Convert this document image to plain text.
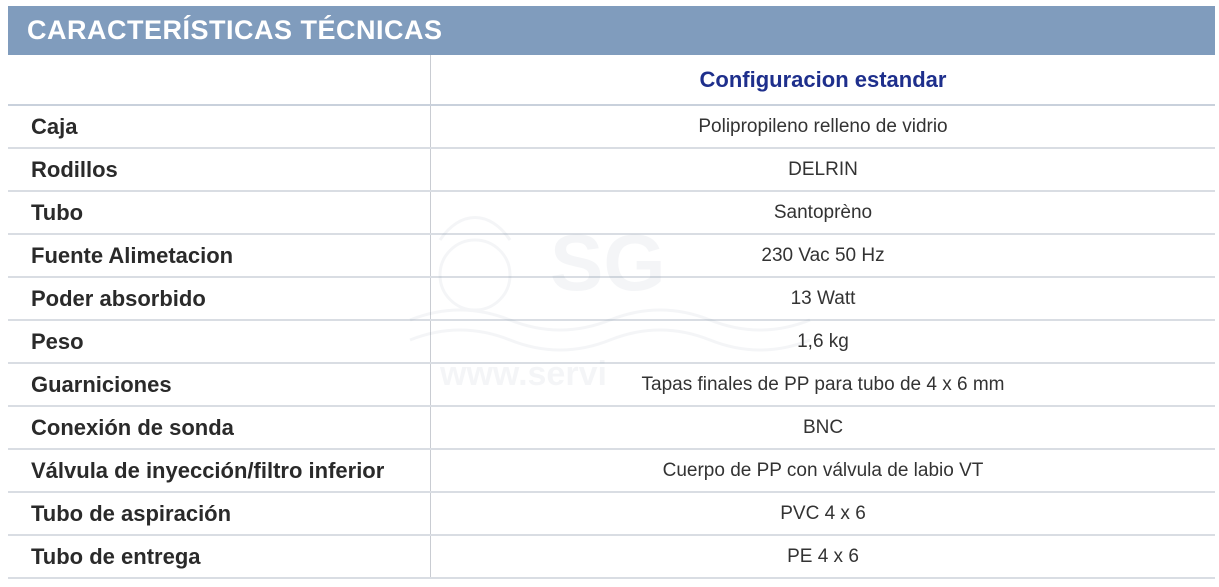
CARACTERÍSTICAS TÉCNICAS
Configuracion estandar
Caja	Polipropileno relleno de vidrio
Rodillos	DELRIN
Tubo	Santoprèno
Fuente Alimetacion	230 Vac 50 Hz
Poder absorbido	13 Watt
Peso	1,6 kg
Guarniciones	Tapas finales de PP para tubo de 4 x 6 mm
Conexión de sonda	BNC
Válvula de inyección/filtro inferior	Cuerpo de PP con válvula de labio VT
Tubo de aspiración	PVC 4 x 6
Tubo de entrega	PE 4 x 6
SG
www.servi
